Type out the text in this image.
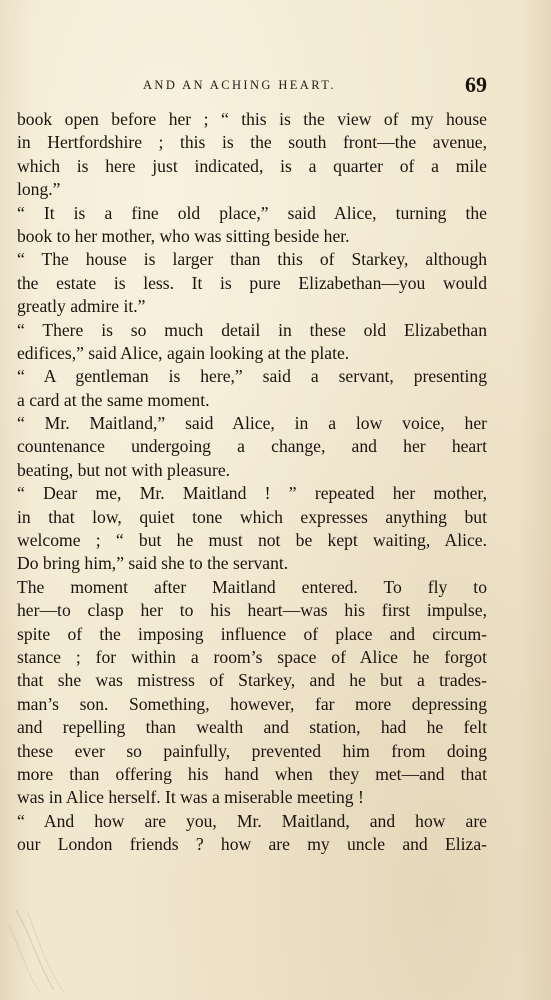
AND AN ACHING HEART.	69
book open before her ; “ this is the view of my house
in Hertfordshire ; this is the south front—the avenue,
which is here just indicated, is a quarter of a mile
long.”
“ It is a fine old place,” said Alice, turning the
book to her mother, who was sitting beside her.
“ The house is larger than this of Starkey, although
the estate is less. It is pure Elizabethan—you would
greatly admire it.”
“ There is so much detail in these old Elizabethan
edifices,” said Alice, again looking at the plate.
“ A gentleman is here,” said a servant, presenting
a card at the same moment.
“ Mr. Maitland,” said Alice, in a low voice, her
countenance undergoing a change, and her heart
beating, but not with pleasure.
“ Dear me, Mr. Maitland ! ” repeated her mother,
in that low, quiet tone which expresses anything but
welcome ; “ but he must not be kept waiting, Alice.
Do bring him,” said she to the servant.
The moment after Maitland entered. To fly to
her—to clasp her to his heart—was his first impulse,
spite of the imposing influence of place and circum-
stance ; for within a room’s space of Alice he forgot
that she was mistress of Starkey, and he but a trades-
man’s son. Something, however, far more depressing
and repelling than wealth and station, had he felt
these ever so painfully, prevented him from doing
more than offering his hand when they met—and that
was in Alice herself. It was a miserable meeting !
“ And how are you, Mr. Maitland, and how are
our London friends ? how are my uncle and Eliza-
